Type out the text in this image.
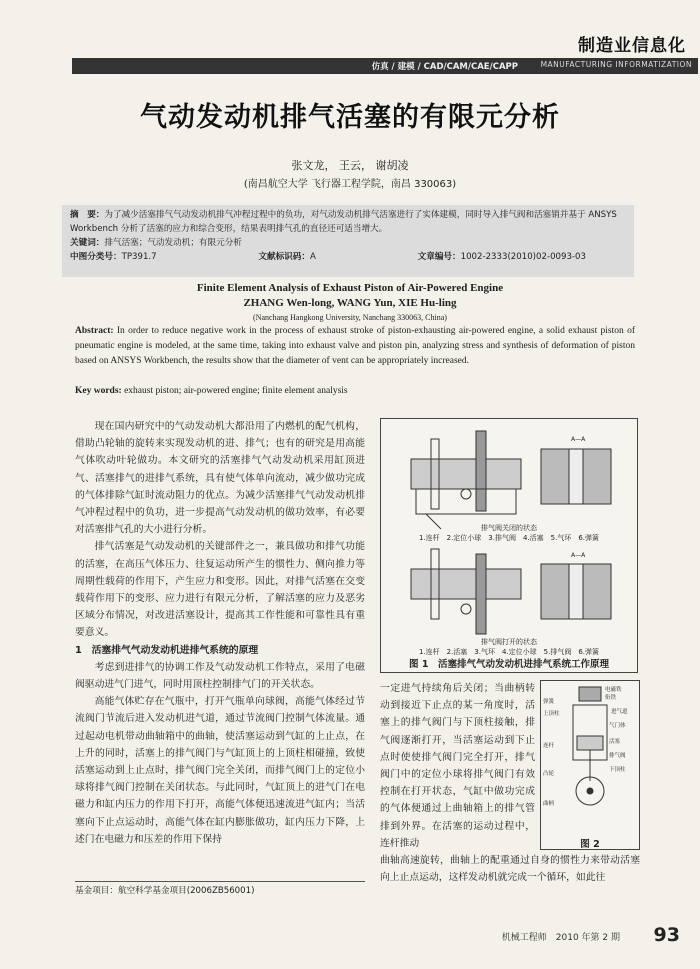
制造业信息化
仿真 / 建模 / CAD/CAM/CAE/CAPP	MANUFACTURING INFORMATIZATION
气动发动机排气活塞的有限元分析
张文龙， 王云， 谢胡凌
(南昌航空大学 飞行器工程学院，南昌 330063)
摘　要：为了减少活塞排气气动发动机排气冲程过程中的负功，对气动发动机排气活塞进行了实体建模，同时导入排气阀和活塞销并基于 ANSYS Workbench 分析了活塞的应力和综合变形，结果表明排气孔的直径还可适当增大。
关键词：排气活塞；气动发动机；有限元分析
中图分类号：TP391.7	文献标识码：A	文章编号：1002-2333(2010)02-0093-03
Finite Element Analysis of Exhaust Piston of Air-Powered Engine
ZHANG Wen-long, WANG Yun, XIE Hu-ling
(Nanchang Hangkong University, Nanchang 330063, China)
Abstract: In order to reduce negative work in the process of exhaust stroke of piston-exhausting air-powered engine, a solid exhaust piston of pneumatic engine is modeled, at the same time, taking into exhaust valve and piston pin, analyzing stress and synthesis of deformation of piston based on ANSYS Workbench, the results show that the diameter of vent can be appropriately increased.
Key words: exhaust piston; air-powered engine; finite element analysis

现在国内研究中的气动发动机大都沿用了内燃机的配气机构，借助凸轮轴的旋转来实现发动机的进、排气；也有的研究是用高能气体吹动叶轮做功。本文研究的活塞排气气动发动机采用缸顶进气、活塞排气的进排气系统，具有使气体单向流动，减少做功完成的气体排除气缸时流动阻力的优点。为减少活塞排气气动发动机排气冲程过程中的负功，进一步提高气动发动机的做功效率，有必要对活塞排气孔的大小进行分析。

排气活塞是气动发动机的关键部件之一，兼具做功和排气功能的活塞，在高压气体压力、往复运动所产生的惯性力、侧向推力等周期性载荷的作用下，产生应力和变形。因此，对排气活塞在交变载荷作用下的变形、应力进行有限元分析，了解活塞的应力及恶劣区域分布情况，对改进活塞设计，提高其工作性能和可靠性具有重要意义。

1　活塞排气气动发动机进排气系统的原理

考虑到进排气的协调工作及气动发动机工作特点，采用了电磁阀驱动进气门进气，同时用顶柱控制排气门的开关状态。

高能气体贮存在气瓶中，打开气瓶单向球阀，高能气体经过节流阀门节流后进入发动机进气道，通过节流阀门控制气体流量。通过起动电机带动曲轴箱中的曲轴，使活塞运动到气缸的上止点，在上升的同时，活塞上的排气阀门与气缸顶上的上顶柱相碰撞，致使活塞运动到上止点时，排气阀门完全关闭，而排气阀门上的定位小球将排气阀门控制在关闭状态。与此同时，气缸顶上的进气门在电磁力和缸内压力的作用下打开，高能气体便迅速流进气缸内；当活塞向下止点运动时，高能气体在缸内膨胀做功，缸内压力下降，上述门在电磁力和压差的作用下保持

基金项目：航空科学基金项目(2006ZB56001)
A—A
A—A
排气阀关闭的状态
1.连杆　2.定位小球　3.排气阀　4.活塞　5.气环　6.弹簧
排气阀打开的状态
1.连杆　2.活塞　3.气环　4.定位小球　5.排气阀　6.弹簧
图 1　活塞排气气动发动机进排气系统工作原理

一定进气持续角后关闭；当曲柄转动到接近下止点的某一角度时，活塞上的排气阀门与下顶柱接触，排气阀逐渐打开，当活塞运动到下止点时使使排气阀门完全打开，排气阀门中的定位小球将排气阀门有效控制在打开状态，气缸中做功完成的气体便通过上曲轴箱上的排气管排到外界。在活塞的运动过程中，连杆推动

电磁铁
衔铁
弹簧
进气道
上顶柱
气门体
连杆
活塞
排气阀
凸轮
下顶柱
曲柄
图 2

曲轴高速旋转，曲轴上的配重通过自身的惯性力来带动活塞向上止点运动，这样发动机就完成一个循环，如此往

机械工程师　2010 年第 2 期 93
